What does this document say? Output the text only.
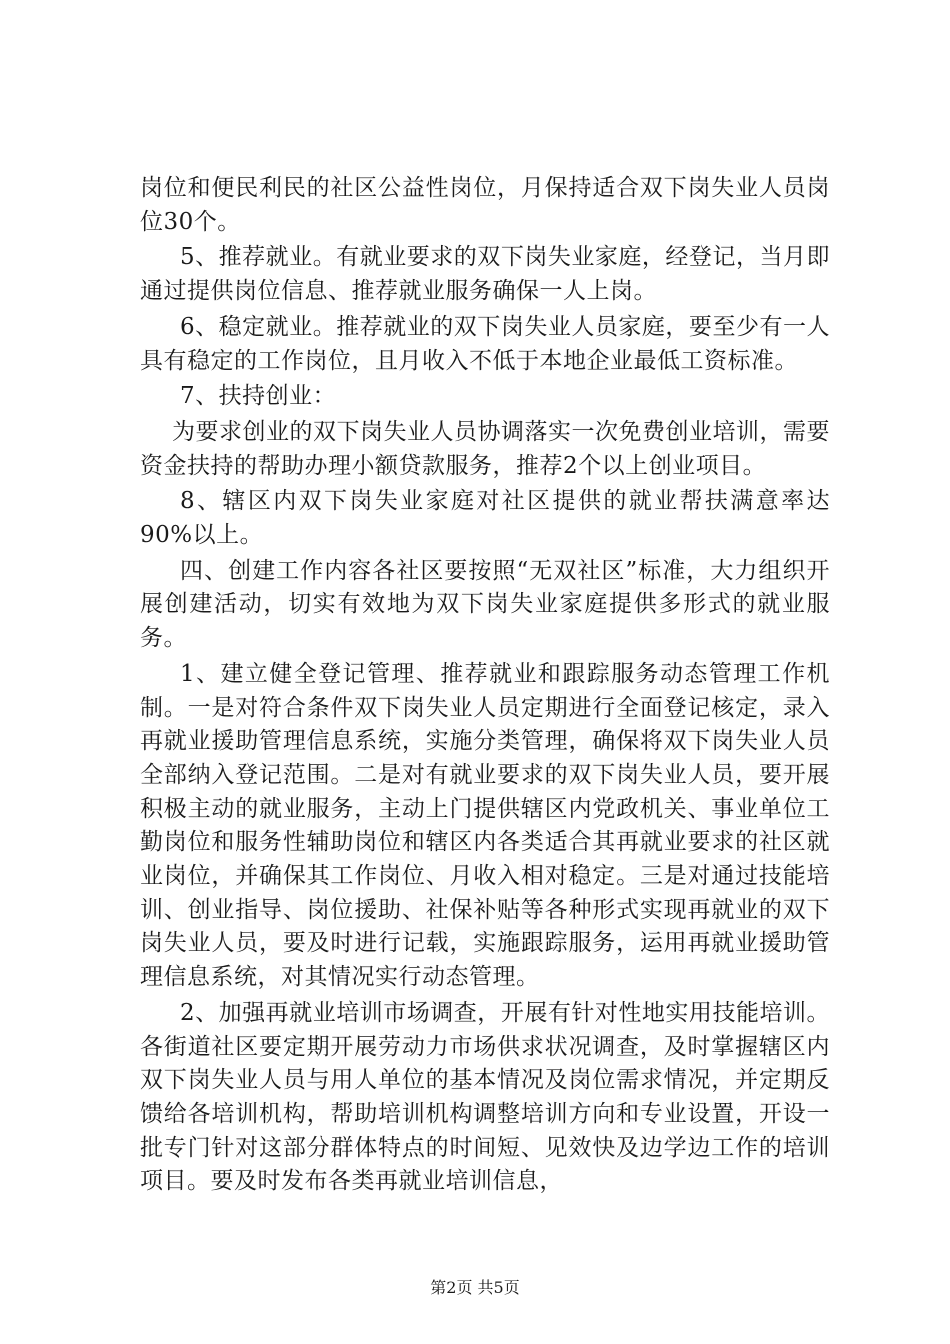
岗位和便民利民的社区公益性岗位，月保持适合双下岗失业人员岗位30个。

5、推荐就业。有就业要求的双下岗失业家庭，经登记，当月即通过提供岗位信息、推荐就业服务确保一人上岗。

6、稳定就业。推荐就业的双下岗失业人员家庭，要至少有一人具有稳定的工作岗位，且月收入不低于本地企业最低工资标准。

7、扶持创业：

为要求创业的双下岗失业人员协调落实一次免费创业培训，需要资金扶持的帮助办理小额贷款服务，推荐2个以上创业项目。

8、辖区内双下岗失业家庭对社区提供的就业帮扶满意率达90%以上。

四、创建工作内容各社区要按照“无双社区”标准，大力组织开展创建活动，切实有效地为双下岗失业家庭提供多形式的就业服务。

1、建立健全登记管理、推荐就业和跟踪服务动态管理工作机制。一是对符合条件双下岗失业人员定期进行全面登记核定，录入再就业援助管理信息系统，实施分类管理，确保将双下岗失业人员全部纳入登记范围。二是对有就业要求的双下岗失业人员，要开展积极主动的就业服务，主动上门提供辖区内党政机关、事业单位工勤岗位和服务性辅助岗位和辖区内各类适合其再就业要求的社区就业岗位，并确保其工作岗位、月收入相对稳定。三是对通过技能培训、创业指导、岗位援助、社保补贴等各种形式实现再就业的双下岗失业人员，要及时进行记载，实施跟踪服务，运用再就业援助管理信息系统，对其情况实行动态管理。

2、加强再就业培训市场调查，开展有针对性地实用技能培训。各街道社区要定期开展劳动力市场供求状况调查，及时掌握辖区内双下岗失业人员与用人单位的基本情况及岗位需求情况，并定期反馈给各培训机构，帮助培训机构调整培训方向和专业设置，开设一批专门针对这部分群体特点的时间短、见效快及边学边工作的培训项目。要及时发布各类再就业培训信息，

第2页 共5页
